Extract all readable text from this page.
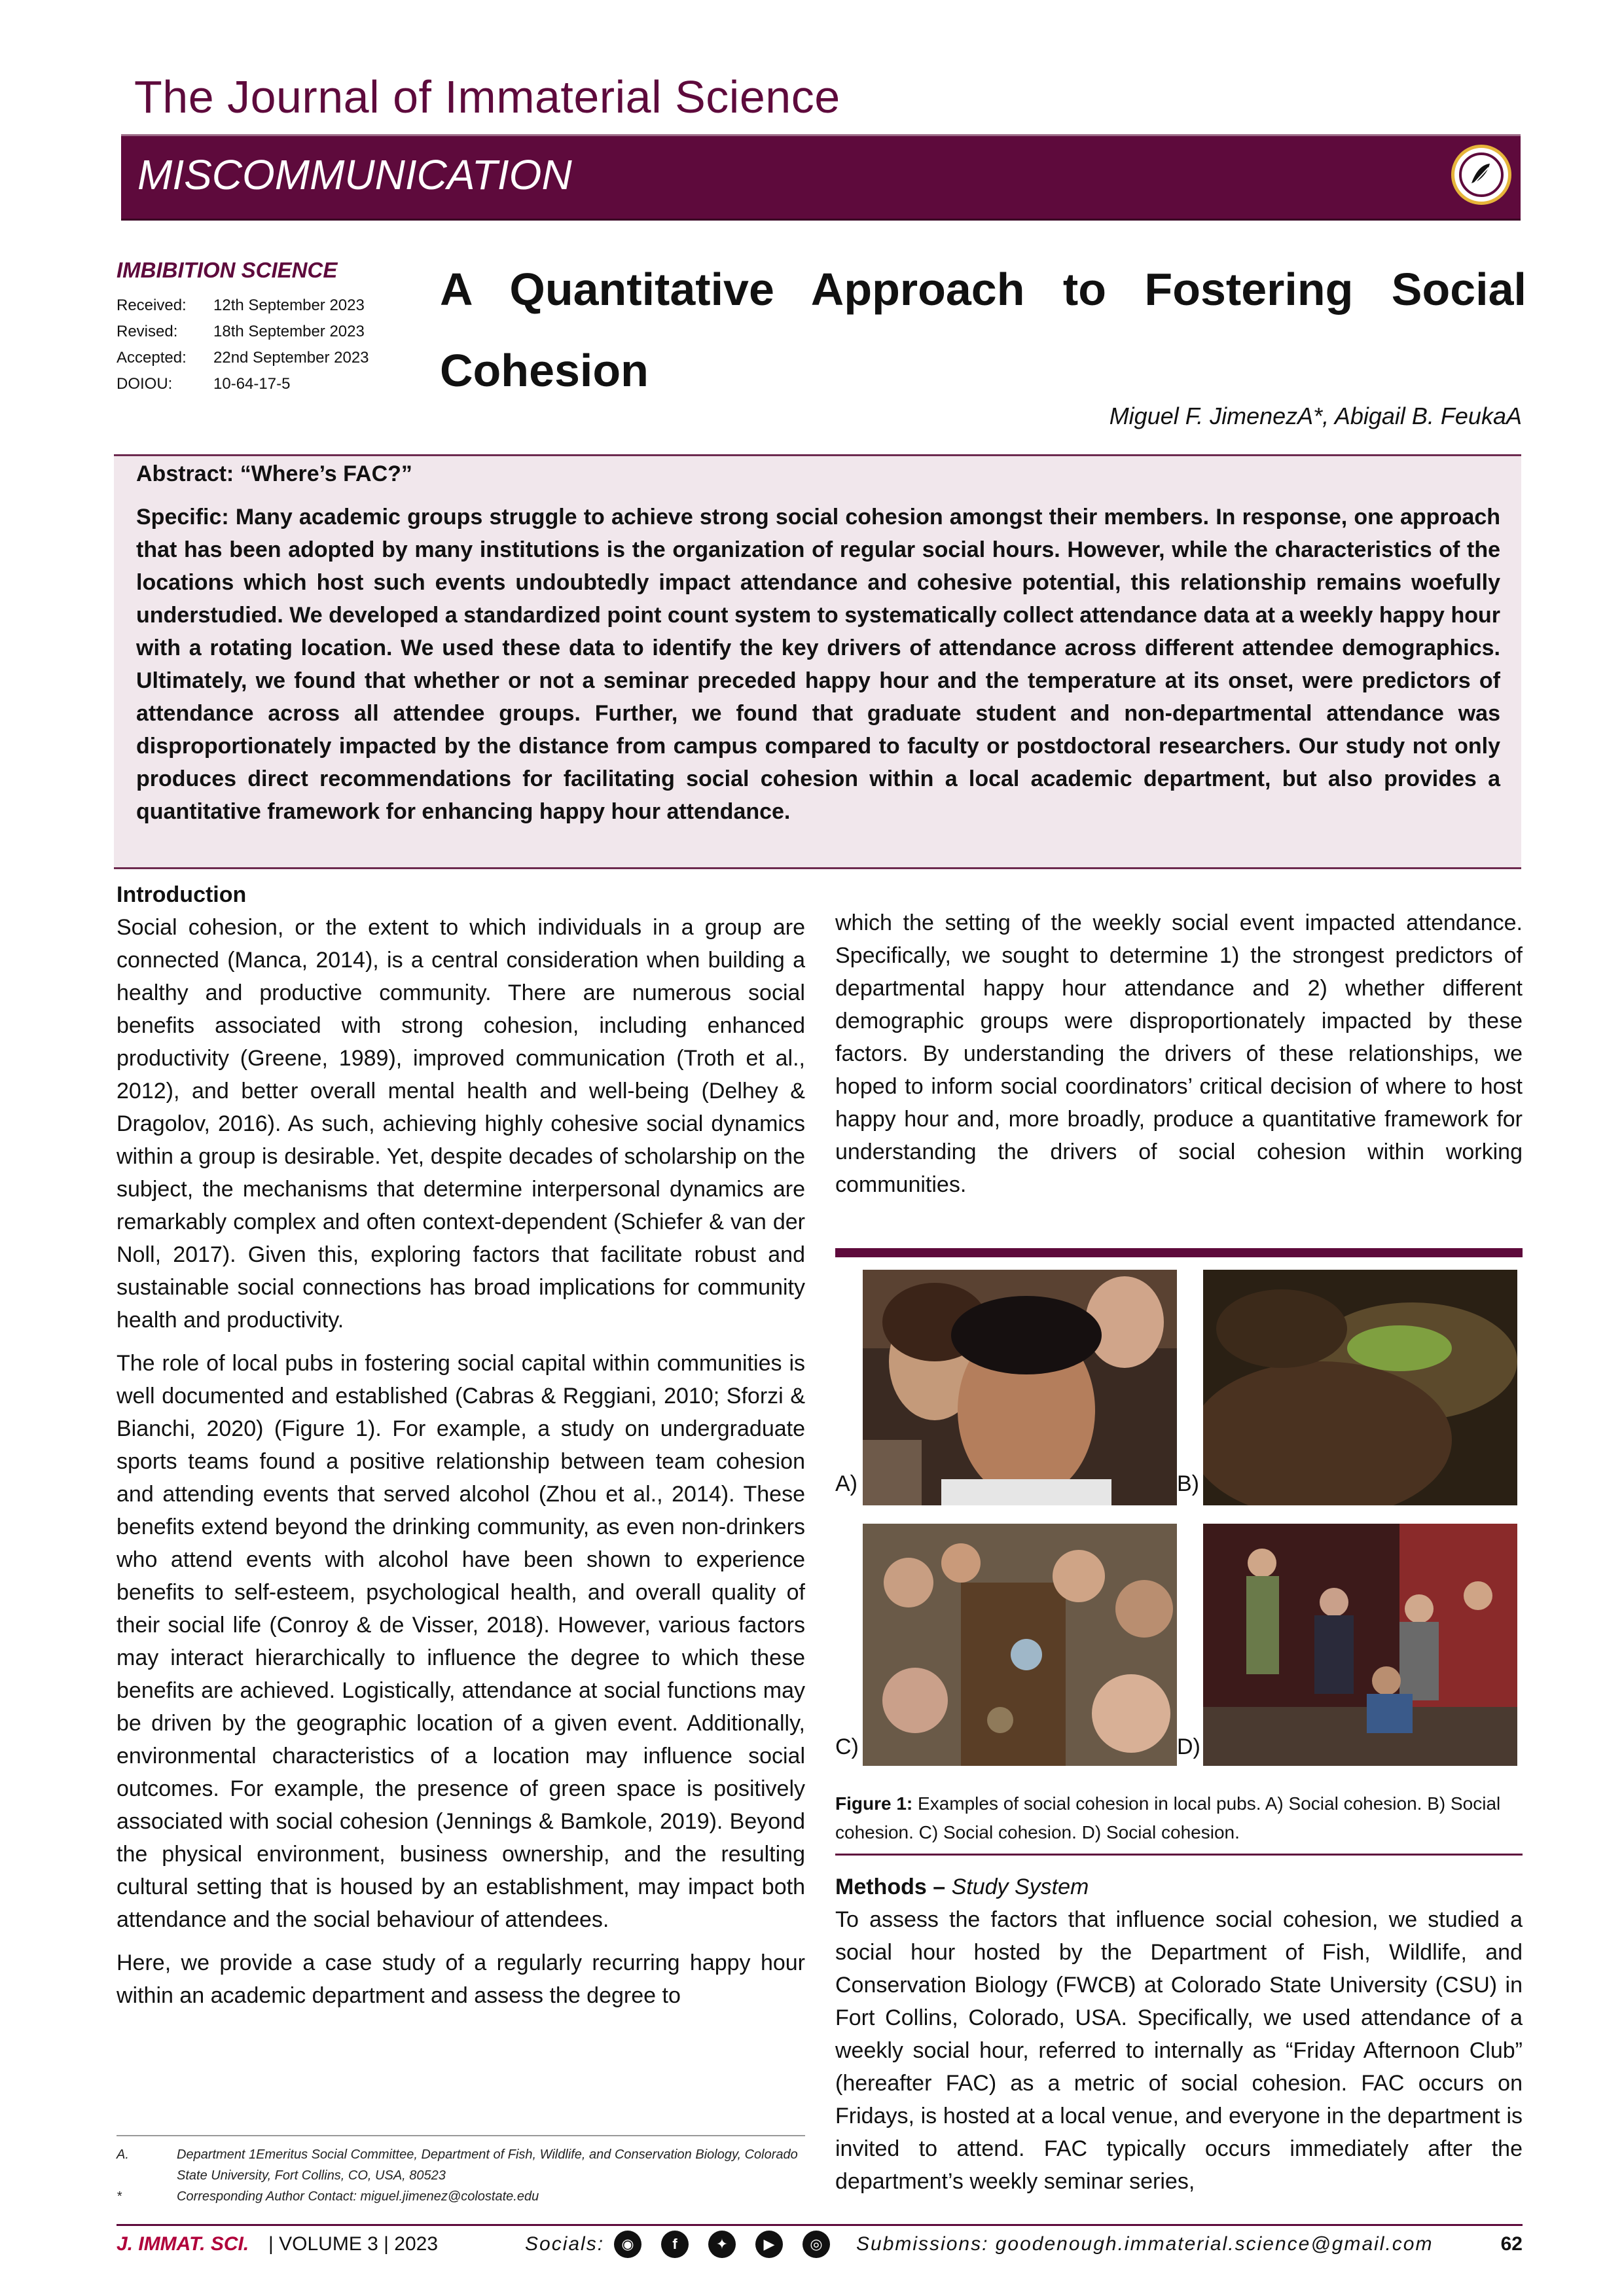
The Journal of Immaterial Science
MISCOMMUNICATION
IMBIBITION SCIENCE
Received:	12th September 2023
Revised:	18th September 2023
Accepted:	22nd September 2023
DOIOU:	10-64-17-5
A Quantitative Approach to Fostering Social Cohesion
Miguel F. JimenezA*, Abigail B. FeukaA
Abstract: “Where’s FAC?”
Specific: Many academic groups struggle to achieve strong social cohesion amongst their members. In response, one approach that has been adopted by many institutions is the organization of regular social hours. However, while the characteristics of the locations which host such events undoubtedly impact attendance and cohesive potential, this relationship remains woefully understudied. We developed a standardized point count system to systematically collect attendance data at a weekly happy hour with a rotating location. We used these data to identify the key drivers of attendance across different attendee demographics. Ultimately, we found that whether or not a seminar preceded happy hour and the temperature at its onset, were predictors of attendance across all attendee groups. Further, we found that graduate student and non-departmental attendance was disproportionately impacted by the distance from campus compared to faculty or postdoctoral researchers. Our study not only produces direct recommendations for facilitating social cohesion within a local academic department, but also provides a quantitative framework for enhancing happy hour attendance.
Introduction

Social cohesion, or the extent to which individuals in a group are connected (Manca, 2014), is a central consideration when building a healthy and productive community. There are numerous social benefits associated with strong cohesion, including enhanced productivity (Greene, 1989), improved communication (Troth et al., 2012), and better overall mental health and well-being (Delhey & Dragolov, 2016). As such, achieving highly cohesive social dynamics within a group is desirable. Yet, despite decades of scholarship on the subject, the mechanisms that determine interpersonal dynamics are remarkably complex and often context-dependent (Schiefer & van der Noll, 2017). Given this, exploring factors that facilitate robust and sustainable social connections has broad implications for community health and productivity.

The role of local pubs in fostering social capital within communities is well documented and established (Cabras & Reggiani, 2010; Sforzi & Bianchi, 2020) (Figure 1). For example, a study on undergraduate sports teams found a positive relationship between team cohesion and attending events that served alcohol (Zhou et al., 2014). These benefits extend beyond the drinking community, as even non-drinkers who attend events with alcohol have been shown to experience benefits to self-esteem, psychological health, and overall quality of their social life (Conroy & de Visser, 2018). However, various factors may interact hierarchically to influence the degree to which these benefits are achieved. Logistically, attendance at social functions may be driven by the geographic location of a given event. Additionally, environmental characteristics of a location may influence social outcomes. For example, the presence of green space is positively associated with social cohesion (Jennings & Bamkole, 2019). Beyond the physical environment, business ownership, and the resulting cultural setting that is housed by an establishment, may impact both attendance and the social behaviour of attendees.

Here, we provide a case study of a regularly recurring happy hour within an academic department and assess the degree to

which the setting of the weekly social event impacted attendance. Specifically, we sought to determine 1) the strongest predictors of departmental happy hour attendance and 2) whether different demographic groups were disproportionately impacted by these factors. By understanding the drivers of these relationships, we hoped to inform social coordinators’ critical decision of where to host happy hour and, more broadly, produce a quantitative framework for understanding the drivers of social cohesion within working communities.

A)	B)
C)	D)
Figure 1: Examples of social cohesion in local pubs. A) Social cohesion. B) Social cohesion. C) Social cohesion. D) Social cohesion.
Methods – Study System
To assess the factors that influence social cohesion, we studied a social hour hosted by the Department of Fish, Wildlife, and Conservation Biology (FWCB) at Colorado State University (CSU) in Fort Collins, Colorado, USA. Specifically, we used attendance of a weekly social hour, referred to internally as “Friday Afternoon Club” (hereafter FAC) as a metric of social cohesion. FAC occurs on Fridays, is hosted at a local venue, and everyone in the department is invited to attend. FAC typically occurs immediately after the department’s weekly seminar series,
A.	Department 1Emeritus Social Committee, Department of Fish, Wildlife, and Conservation Biology, Colorado State University, Fort Collins, CO, USA, 80523
*	Corresponding Author Contact: miguel.jimenez@colostate.edu
J. IMMAT. SCI. | VOLUME 3 | 2023	Socials:	◉	f	✦	▶	◎	Submissions: goodenough.immaterial.science@gmail.com	62
